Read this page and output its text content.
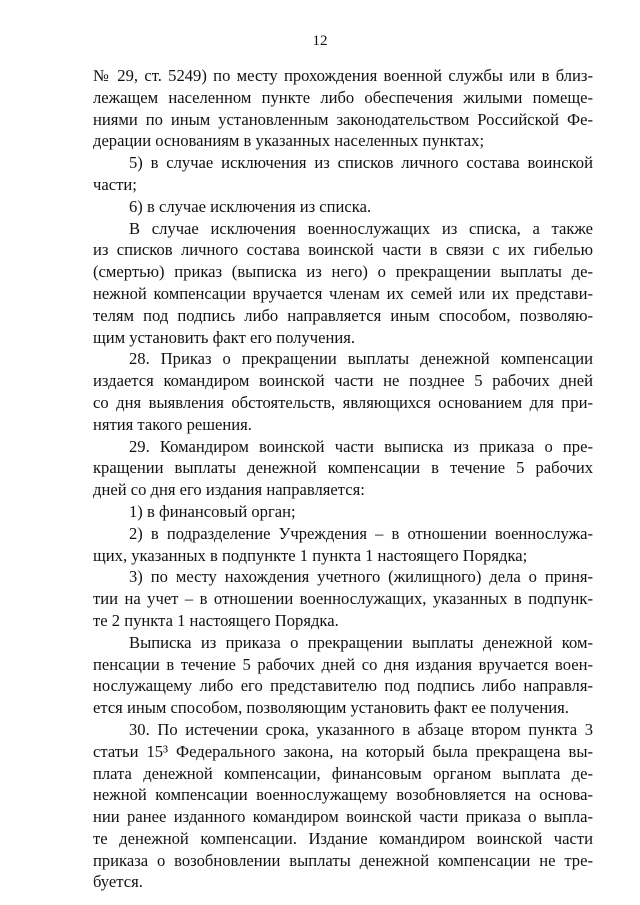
12
№ 29, ст. 5249) по месту прохождения военной службы или в близ-
лежащем населенном пункте либо обеспечения жилыми помеще-
ниями по иным установленным законодательством Российской Фе-
дерации основаниям в указанных населенных пунктах;
5) в случае исключения из списков личного состава воинской
части;
6) в случае исключения из списка.
В случае исключения военнослужащих из списка, а также
из списков личного состава воинской части в связи с их гибелью
(смертью) приказ (выписка из него) о прекращении выплаты де-
нежной компенсации вручается членам их семей или их представи-
телям под подпись либо направляется иным способом, позволяю-
щим установить факт его получения.
28. Приказ о прекращении выплаты денежной компенсации
издается командиром воинской части не позднее 5 рабочих дней
со дня выявления обстоятельств, являющихся основанием для при-
нятия такого решения.
29. Командиром воинской части выписка из приказа о пре-
кращении выплаты денежной компенсации в течение 5 рабочих
дней со дня его издания направляется:
1) в финансовый орган;
2) в подразделение Учреждения – в отношении военнослужа-
щих, указанных в подпункте 1 пункта 1 настоящего Порядка;
3) по месту нахождения учетного (жилищного) дела о приня-
тии на учет – в отношении военнослужащих, указанных в подпунк-
те 2 пункта 1 настоящего Порядка.
Выписка из приказа о прекращении выплаты денежной ком-
пенсации в течение 5 рабочих дней со дня издания вручается воен-
нослужащему либо его представителю под подпись либо направля-
ется иным способом, позволяющим установить факт ее получения.
30. По истечении срока, указанного в абзаце втором пункта 3
статьи 15³ Федерального закона, на который была прекращена вы-
плата денежной компенсации, финансовым органом выплата де-
нежной компенсации военнослужащему возобновляется на основа-
нии ранее изданного командиром воинской части приказа о выпла-
те денежной компенсации. Издание командиром воинской части
приказа о возобновлении выплаты денежной компенсации не тре-
буется.
